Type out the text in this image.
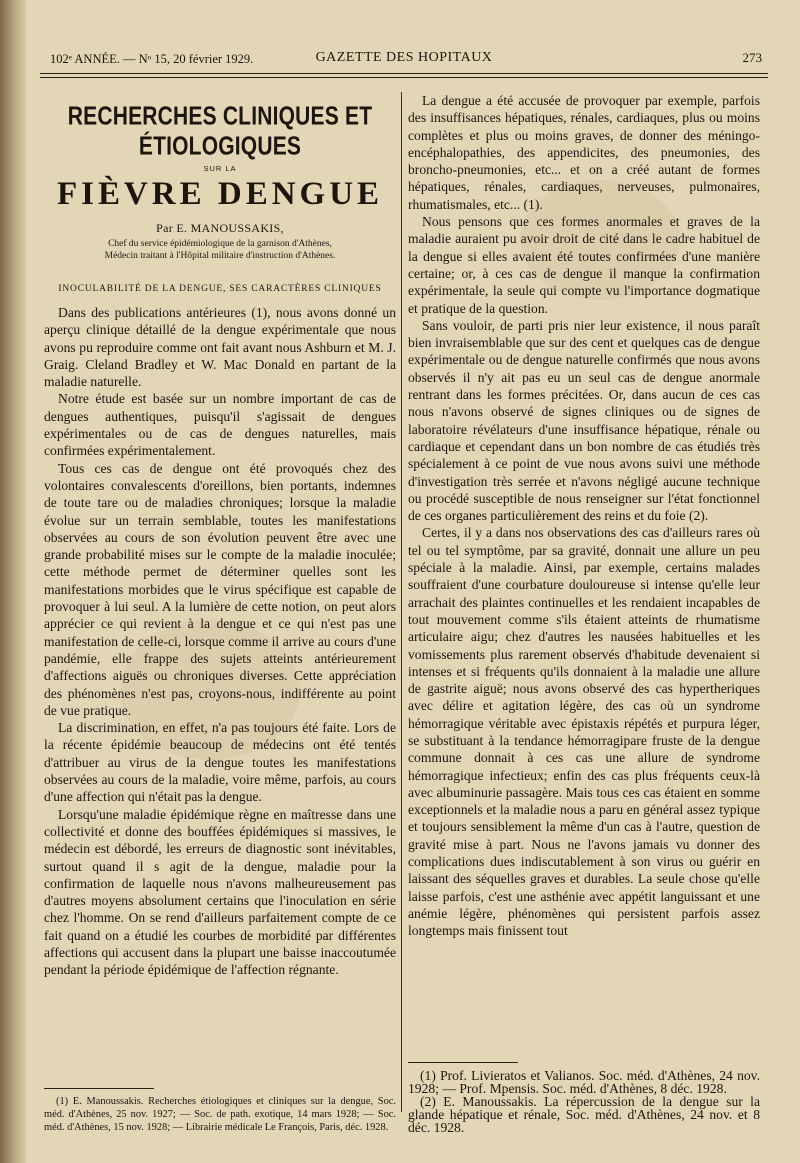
102ᵉ ANNÉE. — Nᵒ 15, 20 février 1929.	GAZETTE DES HOPITAUX	273
RECHERCHES CLINIQUES ET ÉTIOLOGIQUES
SUR LA
FIÈVRE DENGUE
Par E. MANOUSSAKIS,
Chef du service épidémiologique de la garnison d'Athènes,
Médecin traitant à l'Hôpital militaire d'instruction d'Athènes.
INOCULABILITÉ DE LA DENGUE, SES CARACTÈRES CLINIQUES

Dans des publications antérieures (1), nous avons donné un aperçu clinique détaillé de la dengue expérimentale que nous avons pu reproduire comme ont fait avant nous Ashburn et M. J. Graig. Cleland Bradley et W. Mac Donald en partant de la maladie naturelle.

Notre étude est basée sur un nombre important de cas de dengues authentiques, puisqu'il s'agissait de dengues expérimentales ou de cas de dengues naturelles, mais confirmées expérimentalement.

Tous ces cas de dengue ont été provoqués chez des volontaires convalescents d'oreillons, bien portants, indemnes de toute tare ou de maladies chroniques; lorsque la maladie évolue sur un terrain semblable, toutes les manifestations observées au cours de son évolution peuvent être avec une grande probabilité mises sur le compte de la maladie inoculée; cette méthode permet de déterminer quelles sont les manifestations morbides que le virus spécifique est capable de provoquer à lui seul. A la lumière de cette notion, on peut alors apprécier ce qui revient à la dengue et ce qui n'est pas une manifestation de celle-ci, lorsque comme il arrive au cours d'une pandémie, elle frappe des sujets atteints antérieurement d'affections aiguës ou chroniques diverses. Cette appréciation des phénomènes n'est pas, croyons-nous, indifférente au point de vue pratique.

La discrimination, en effet, n'a pas toujours été faite. Lors de la récente épidémie beaucoup de médecins ont été tentés d'attribuer au virus de la dengue toutes les manifestations observées au cours de la maladie, voire même, parfois, au cours d'une affection qui n'était pas la dengue.

Lorsqu'une maladie épidémique règne en maîtresse dans une collectivité et donne des bouffées épidémiques si massives, le médecin est débordé, les erreurs de diagnostic sont inévitables, surtout quand il s agit de la dengue, maladie pour la confirmation de laquelle nous n'avons malheureusement pas d'autres moyens absolument certains que l'inoculation en série chez l'homme. On se rend d'ailleurs parfaitement compte de ce fait quand on a étudié les courbes de morbidité par différentes affections qui accusent dans la plupart une baisse inaccoutumée pendant la période épidémique de l'affection régnante.

(1) E. Manoussakis. Recherches étiologiques et cliniques sur la dengue, Soc. méd. d'Athènes, 25 nov. 1927; — Soc. de path. exotique, 14 mars 1928; — Soc. méd. d'Athènes, 15 nov. 1928; — Librairie médicale Le François, Paris, déc. 1928.

La dengue a été accusée de provoquer par exemple, parfois des insuffisances hépatiques, rénales, cardiaques, plus ou moins complètes et plus ou moins graves, de donner des méningo-encéphalopathies, des appendicites, des pneumonies, des broncho-pneumonies, etc... et on a créé autant de formes hépatiques, rénales, cardiaques, nerveuses, pulmonaires, rhumatismales, etc... (1).

Nous pensons que ces formes anormales et graves de la maladie auraient pu avoir droit de cité dans le cadre habituel de la dengue si elles avaient été toutes confirmées d'une manière certaine; or, à ces cas de dengue il manque la confirmation expérimentale, la seule qui compte vu l'importance dogmatique et pratique de la question.

Sans vouloir, de parti pris nier leur existence, il nous paraît bien invraisemblable que sur des cent et quelques cas de dengue expérimentale ou de dengue naturelle confirmés que nous avons observés il n'y ait pas eu un seul cas de dengue anormale rentrant dans les formes précitées. Or, dans aucun de ces cas nous n'avons observé de signes cliniques ou de signes de laboratoire révélateurs d'une insuffisance hépatique, rénale ou cardiaque et cependant dans un bon nombre de cas étudiés très spécialement à ce point de vue nous avons suivi une méthode d'investigation très serrée et n'avons négligé aucune technique ou procédé susceptible de nous renseigner sur l'état fonctionnel de ces organes particulièrement des reins et du foie (2).

Certes, il y a dans nos observations des cas d'ailleurs rares où tel ou tel symptôme, par sa gravité, donnait une allure un peu spéciale à la maladie. Ainsi, par exemple, certains malades souffraient d'une courbature douloureuse si intense qu'elle leur arrachait des plaintes continuelles et les rendaient incapables de tout mouvement comme s'ils étaient atteints de rhumatisme articulaire aigu; chez d'autres les nausées habituelles et les vomissements plus rarement observés d'habitude devenaient si intenses et si fréquents qu'ils donnaient à la maladie une allure de gastrite aiguë; nous avons observé des cas hypertheriques avec délire et agitation légère, des cas où un syndrome hémorragique véritable avec épistaxis répétés et purpura léger, se substituant à la tendance hémorragipare fruste de la dengue commune donnait à ces cas une allure de syndrome hémorragique infectieux; enfin des cas plus fréquents ceux-là avec albuminurie passagère. Mais tous ces cas étaient en somme exceptionnels et la maladie nous a paru en général assez typique et toujours sensiblement la même d'un cas à l'autre, question de gravité mise à part. Nous ne l'avons jamais vu donner des complications dues indiscutablement à son virus ou guérir en laissant des séquelles graves et durables. La seule chose qu'elle laisse parfois, c'est une asthénie avec appétit languissant et une anémie légère, phénomènes qui persistent parfois assez longtemps mais finissent tout

(1) Prof. Livieratos et Valianos. Soc. méd. d'Athènes, 24 nov. 1928; — Prof. Mpensis. Soc. méd. d'Athènes, 8 déc. 1928.

(2) E. Manoussakis. La répercussion de la dengue sur la glande hépatique et rénale, Soc. méd. d'Athènes, 24 nov. et 8 déc. 1928.
